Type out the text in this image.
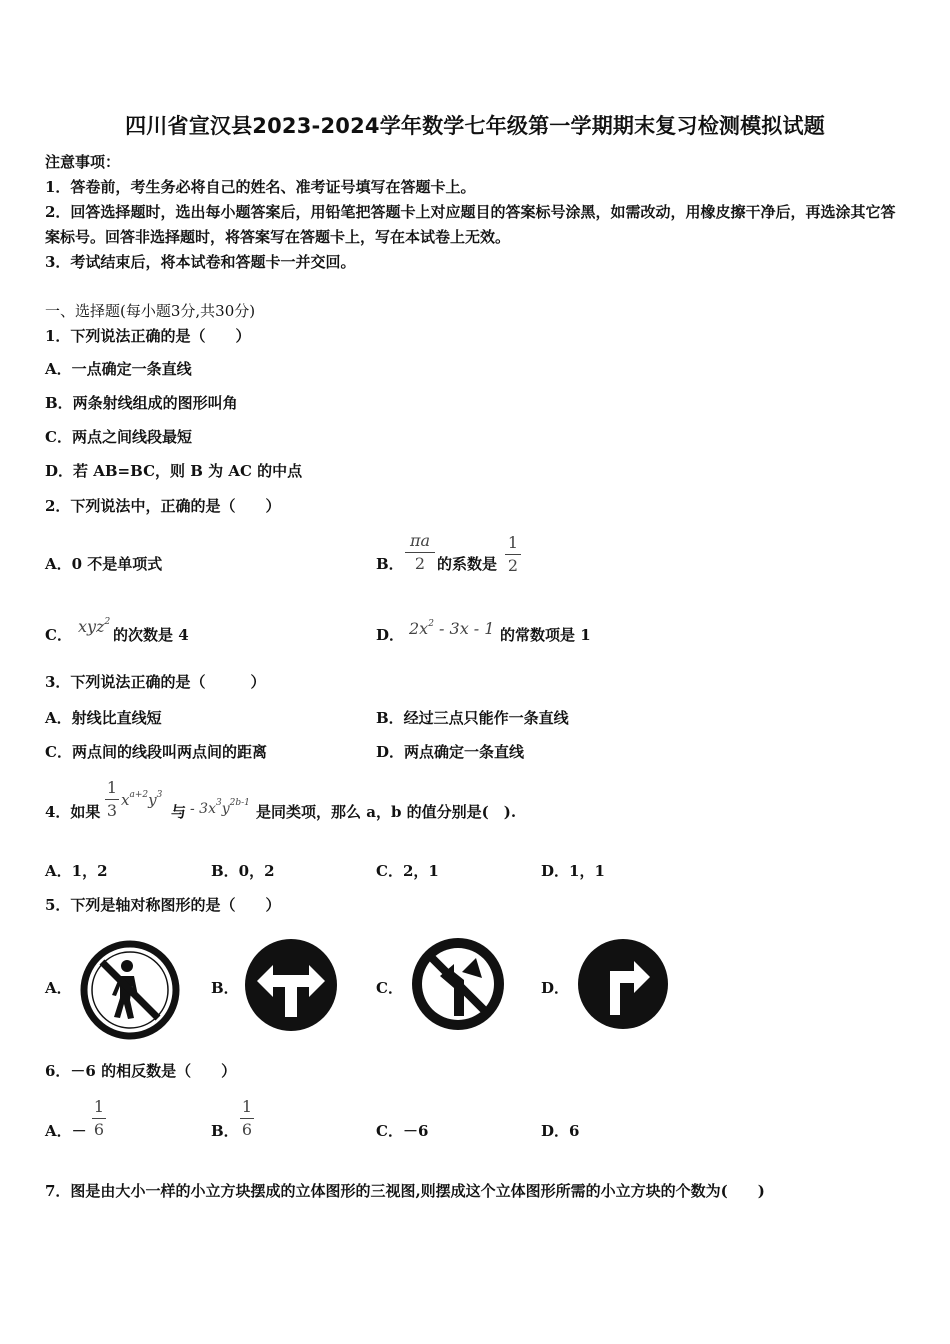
四川省宣汉县2023-2024学年数学七年级第一学期期末复习检测模拟试题
注意事项：
1．答卷前，考生务必将自己的姓名、准考证号填写在答题卡上。
2．回答选择题时，选出每小题答案后，用铅笔把答题卡上对应题目的答案标号涂黑，如需改动，用橡皮擦干净后，再选涂其它答案标号。回答非选择题时，将答案写在答题卡上，写在本试卷上无效。
3．考试结束后，将本试卷和答题卡一并交回。
一、选择题(每小题3分,共30分)
1．下列说法正确的是（　　）
A．一点确定一条直线
B．两条射线组成的图形叫角
C．两点之间线段最短
D．若 AB=BC，则 B 为 AC 的中点
2．下列说法中，正确的是（　　）
A．0 不是单项式	B．
πa
2 的系数是
1
2
C． xyz$^2$
的次数是 4	D． $2x^2 - 3x - 1$ 的常数项是 1
3．下列说法正确的是（　　　）
A．射线比直线短	B．经过三点只能作一条直线
C．两点间的线段叫两点间的距离	D．两点确定一条直线
4．如果
1
3
$x^{a+2}y^3$
与 - $3x^3y^{2b-1}$ 是同类项，那么 a，b 的值分别是(　).
A．1，2	B．0，2	C．2，1	D．1，1
5．下列是轴对称图形的是（　　）
A．	B．	C．	D．
6．－6 的相反数是（　　）
A．－
1
6	B．
1
6	C．－6	D．6
7．图是由大小一样的小立方块摆成的立体图形的三视图,则摆成这个立体图形所需的小立方块的个数为(　　)
